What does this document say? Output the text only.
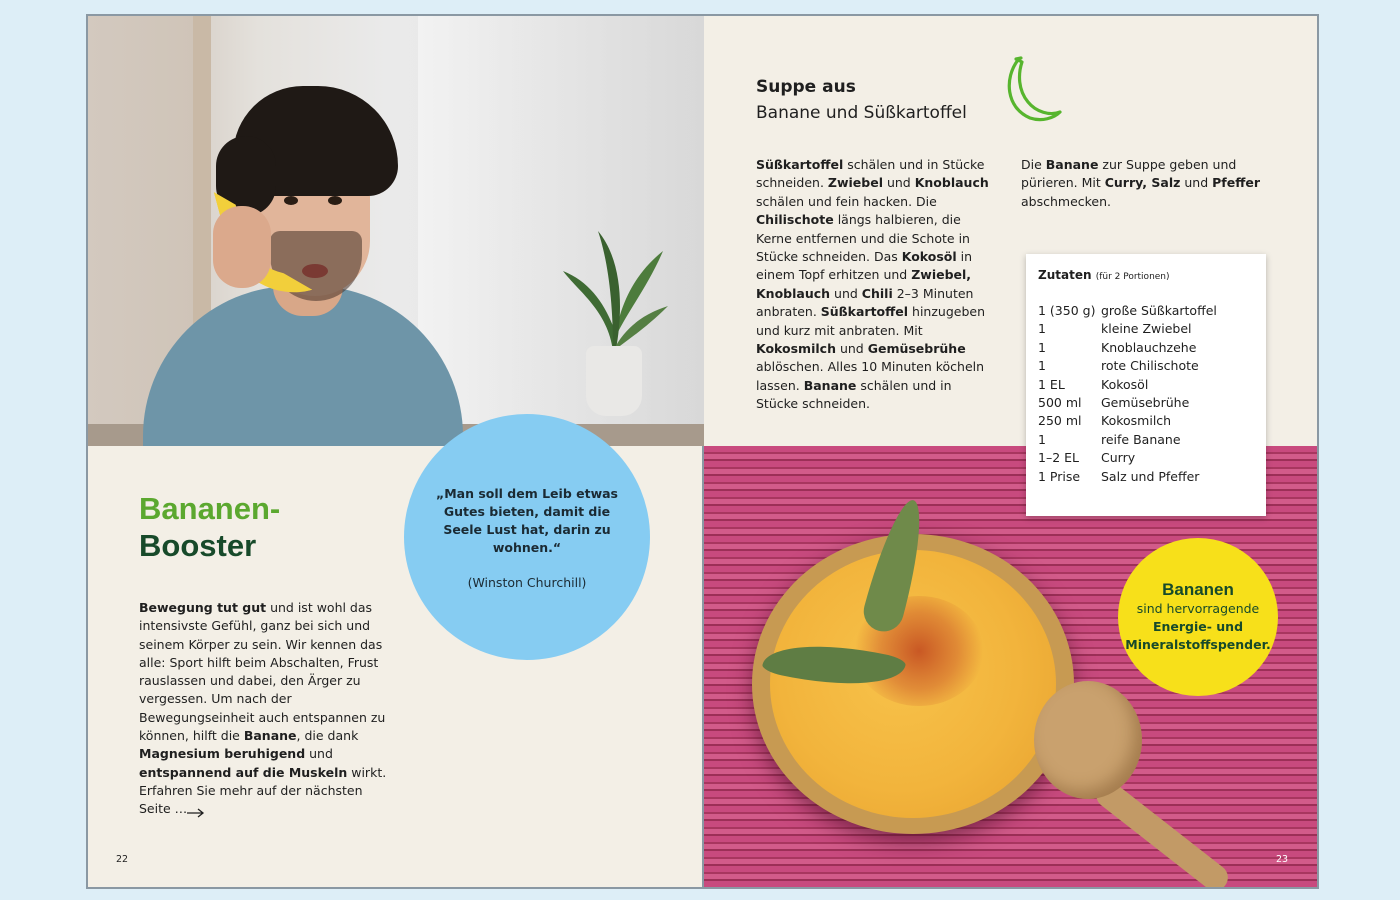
Bananen-
Booster
Bewegung tut gut und ist wohl das intensivste Gefühl, ganz bei sich und seinem Körper zu sein. Wir kennen das alle: Sport hilft beim Abschalten, Frust rauslassen und dabei, den Ärger zu vergessen. Um nach der Bewegungseinheit auch entspannen zu können, hilft die Banane, die dank Magnesium beruhigend und entspannend auf die Muskeln wirkt. Erfahren Sie mehr auf der nächsten Seite …
„Man soll dem Leib etwas Gutes bieten, damit die Seele Lust hat, darin zu wohnen.“
(Winston Churchill)
22
Suppe aus
Banane und Süßkartoffel
Süßkartoffel schälen und in Stücke schneiden. Zwiebel und Knoblauch schälen und fein hacken. Die Chilischote längs halbieren, die Kerne entfernen und die Schote in Stücke schneiden. Das Kokosöl in einem Topf erhitzen und Zwiebel, Knoblauch und Chili 2–3 Minuten anbraten. Süßkartoffel hinzugeben und kurz mit anbraten. Mit Kokosmilch und Gemüsebrühe ablöschen. Alles 10 Minuten köcheln lassen. Banane schälen und in Stücke schneiden.
Die Banane zur Suppe geben und pürieren. Mit Curry, Salz und Pfeffer abschmecken.
Zutaten (für 2 Portionen)
1 (350 g)	große Süßkartoffel
1	kleine Zwiebel
1	Knoblauchzehe
1	rote Chilischote
1 EL	Kokosöl
500 ml	Gemüsebrühe
250 ml	Kokosmilch
1	reife Banane
1–2 EL	Curry
1 Prise	Salz und Pfeffer
Bananen
sind hervorragende Energie- und Mineralstoffspender.
23
